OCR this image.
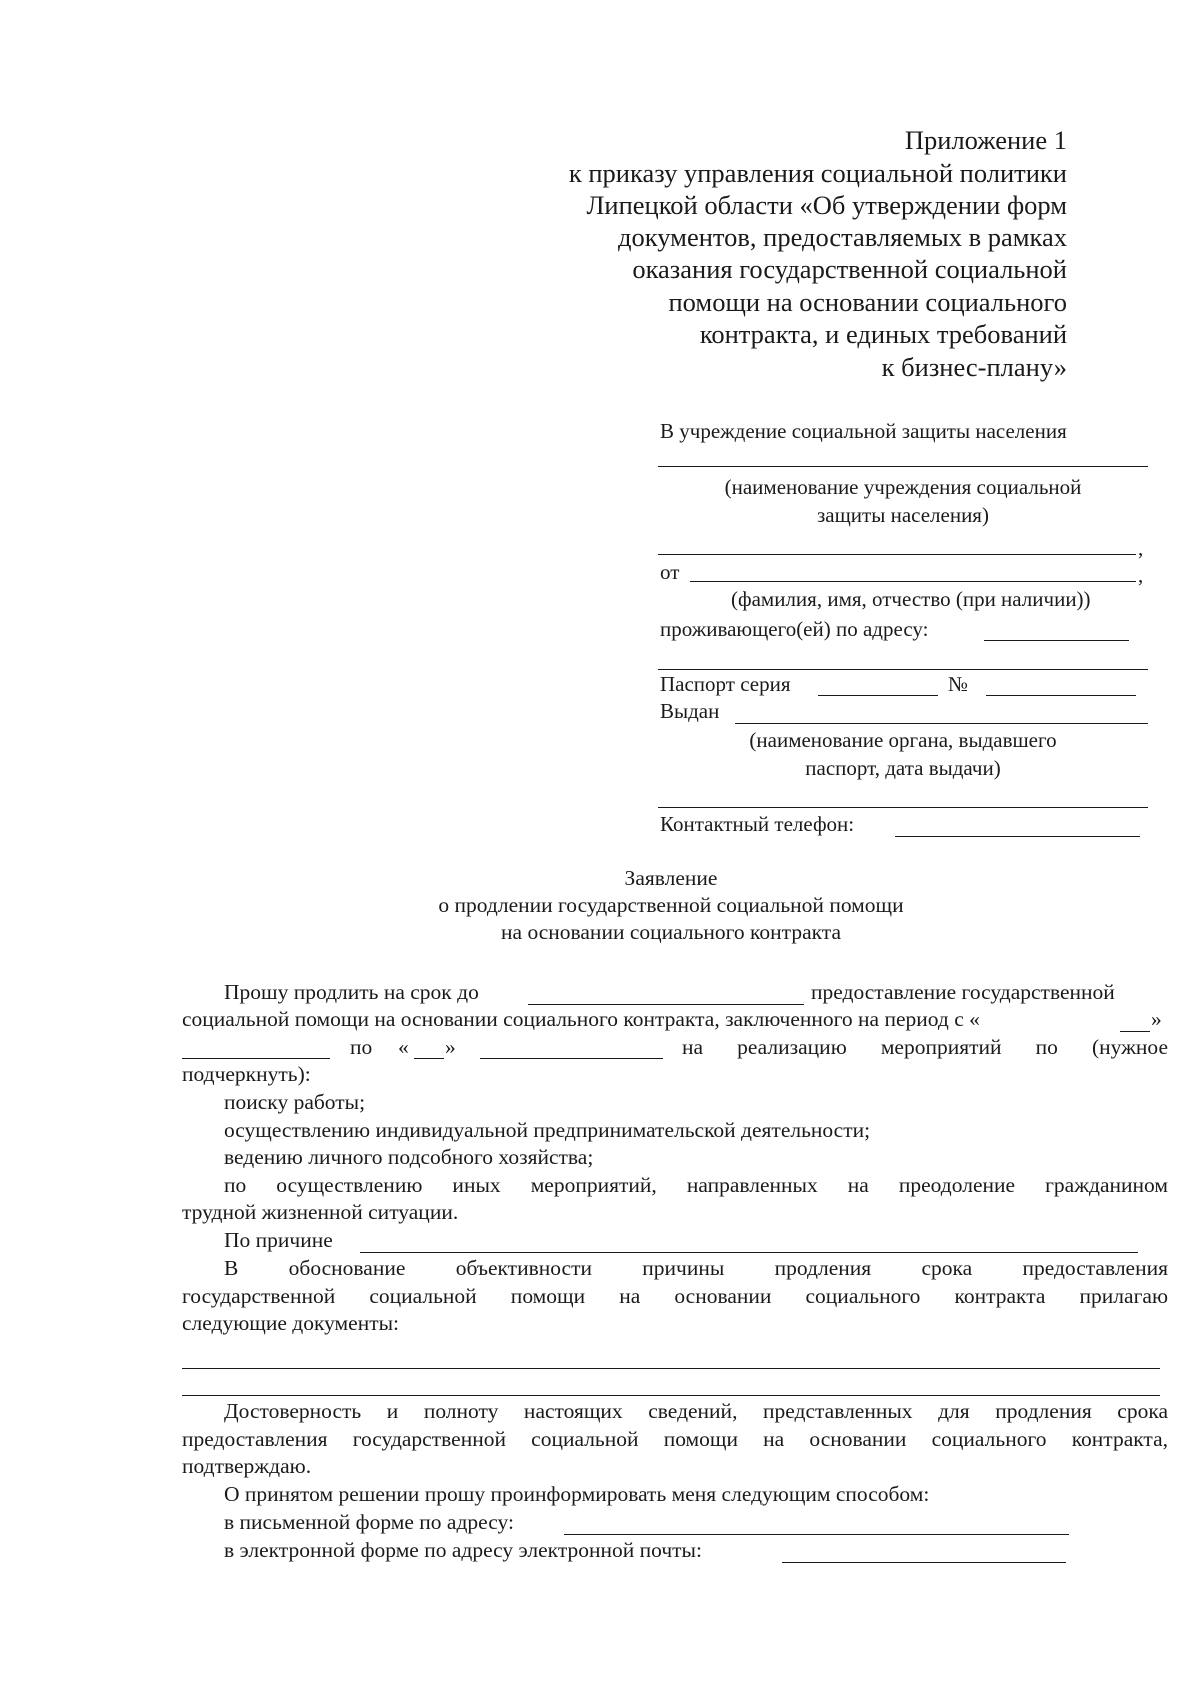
Приложение 1
к приказу управления социальной политики
Липецкой области «Об утверждении форм
документов, предоставляемых в рамках
оказания государственной социальной
помощи на основании социального
контракта, и единых требований
к бизнес-плану»
В учреждение социальной защиты населения
(наименование учреждения социальной
защиты населения)
,
от	,
(фамилия, имя, отчество (при наличии))
проживающего(ей) по адресу:
Паспорт серия	№
Выдан
(наименование органа, выдавшего
паспорт, дата выдачи)
Контактный телефон:
Заявление
о продлении государственной социальной помощи
на основании социального контракта
Прошу продлить на срок до	предоставление государственной
социальной помощи на основании социального контракта, заключенного на период с «	»
по « »	на реализацию мероприятий по (нужное
подчеркнуть):
поиску работы;
осуществлению индивидуальной предпринимательской деятельности;
ведению личного подсобного хозяйства;
по осуществлению иных мероприятий, направленных на преодоление гражданином
трудной жизненной ситуации.
По причине
В обоснование объективности причины продления срока предоставления
государственной социальной помощи на основании социального контракта прилагаю
следующие документы:
Достоверность и полноту настоящих сведений, представленных для продления срока
предоставления государственной социальной помощи на основании социального контракта,
подтверждаю.
О принятом решении прошу проинформировать меня следующим способом:
в письменной форме по адресу:
в электронной форме по адресу электронной почты:
